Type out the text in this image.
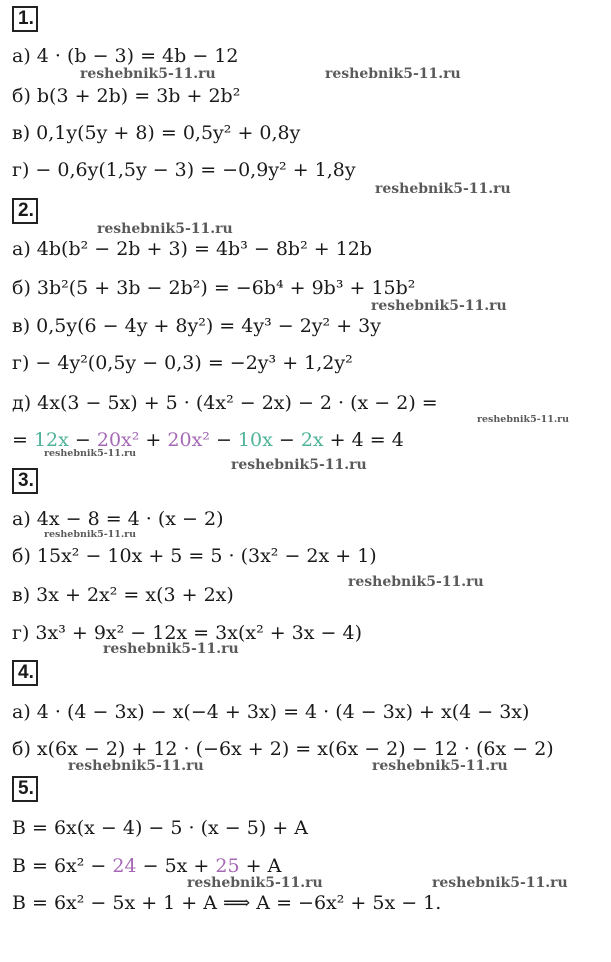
1.
а) 4 · (b − 3) = 4b − 12
б) b(3 + 2b) = 3b + 2b²
в) 0,1y(5y + 8) = 0,5y² + 0,8y
г) − 0,6y(1,5y − 3) = −0,9y² + 1,8y
2.
а) 4b(b² − 2b + 3) = 4b³ − 8b² + 12b
б) 3b²(5 + 3b − 2b²) = −6b⁴ + 9b³ + 15b²
в) 0,5y(6 − 4y + 8y²) = 4y³ − 2y² + 3y
г) − 4y²(0,5y − 0,3) = −2y³ + 1,2y²
д) 4x(3 − 5x) + 5 · (4x² − 2x) − 2 · (x − 2) =
= 12x − 20x² + 20x² − 10x − 2x + 4 = 4
3.
а) 4x − 8 = 4 · (x − 2)
б) 15x² − 10x + 5 = 5 · (3x² − 2x + 1)
в) 3x + 2x² = x(3 + 2x)
г) 3x³ + 9x² − 12x = 3x(x² + 3x − 4)
4.
а) 4 · (4 − 3x) − x(−4 + 3x) = 4 · (4 − 3x) + x(4 − 3x)
б) x(6x − 2) + 12 · (−6x + 2) = x(6x − 2) − 12 · (6x − 2)
5.
B = 6x(x − 4) − 5 · (x − 5) + A
B = 6x² − 24 − 5x + 25 + A
B = 6x² − 5x + 1 + A ⟹ A = −6x² + 5x − 1.
reshebnik5-11.ru	reshebnik5-11.ru
reshebnik5-11.ru
reshebnik5-11.ru
reshebnik5-11.ru
reshebnik5-11.ru
reshebnik5-11.ru
reshebnik5-11.ru
reshebnik5-11.ru
reshebnik5-11.ru
reshebnik5-11.ru
reshebnik5-11.ru	reshebnik5-11.ru
reshebnik5-11.ru	reshebnik5-11.ru
